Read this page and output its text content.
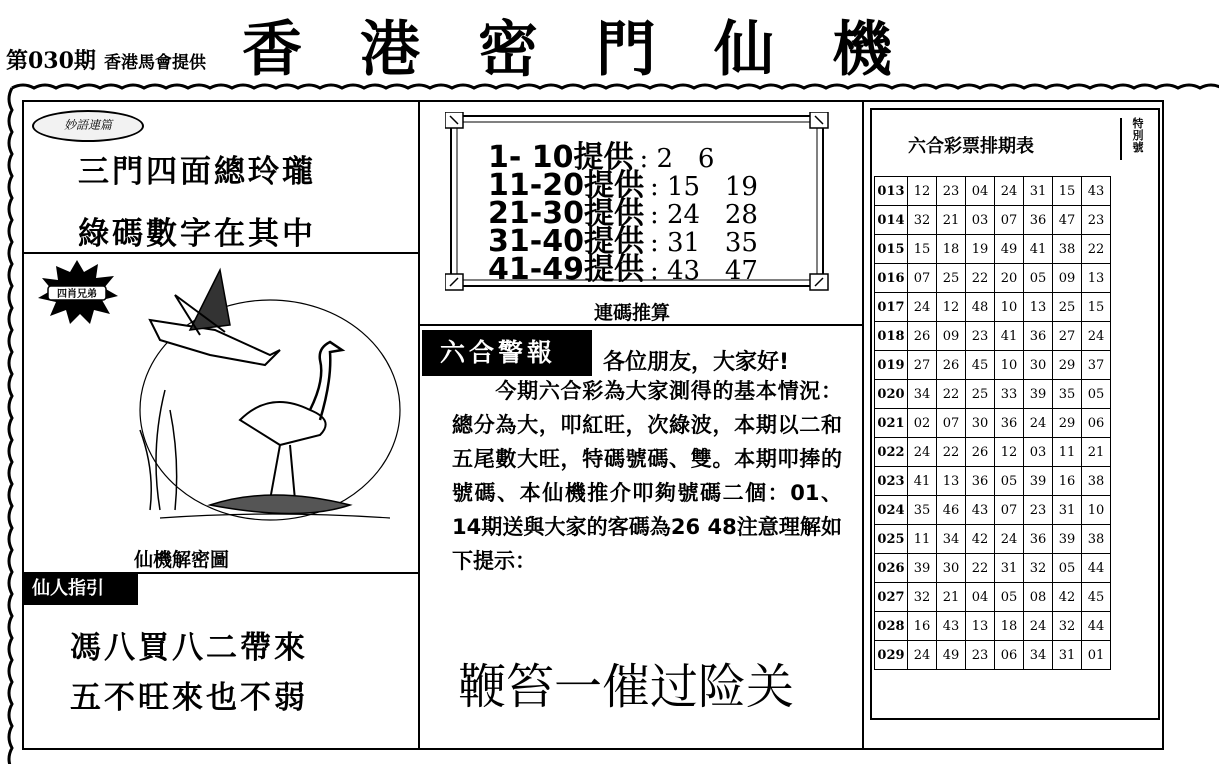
第030期 香港馬會提供 香港密門仙機
妙語連篇
三門四面總玲瓏
綠碼數字在其中
四肖兄弟
仙機解密圖
仙人指引
馮八買八二帶來
五不旺來也不弱
1- 10提供 : 2   6
11-20提供 : 15   19
21-30提供 : 24   28
31-40提供 : 31   35
41-49提供 : 43   47
連碼推算
六合警報	各位朋友，大家好!
　　今期六合彩為大家測得的基本情況：總分為大，叩紅旺，次綠波，本期以二和五尾數大旺，特碼號碼、雙。本期叩捧的號碼、本仙機推介叩夠號碼二個：01、14期送與大家的客碼為26 48注意理解如下提示：
鞭笞一催过险关
六合彩票排期表
特別號
013	12	23	04	24	31	15	43
014	32	21	03	07	36	47	23
015	15	18	19	49	41	38	22
016	07	25	22	20	05	09	13
017	24	12	48	10	13	25	15
018	26	09	23	41	36	27	24
019	27	26	45	10	30	29	37
020	34	22	25	33	39	35	05
021	02	07	30	36	24	29	06
022	24	22	26	12	03	11	21
023	41	13	36	05	39	16	38
024	35	46	43	07	23	31	10
025	11	34	42	24	36	39	38
026	39	30	22	31	32	05	44
027	32	21	04	05	08	42	45
028	16	43	13	18	24	32	44
029	24	49	23	06	34	31	01
